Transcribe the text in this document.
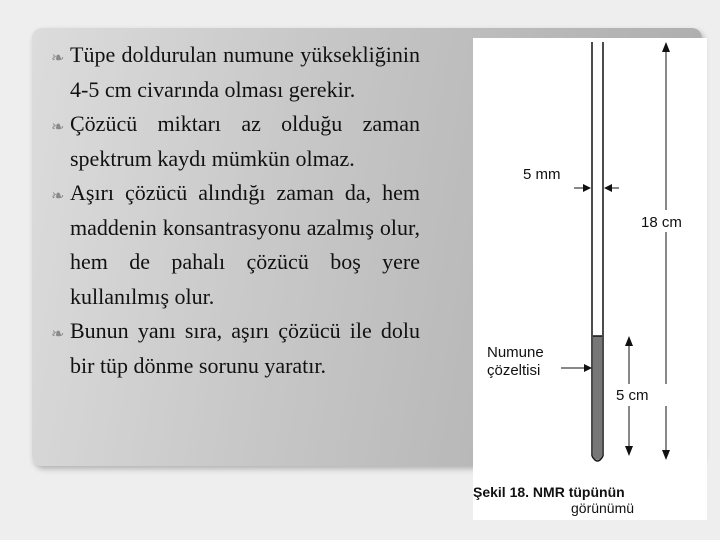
❧ Tüpe doldurulan numune yüksekliğinin 4-5 cm civarında olması gerekir.

❧ Çözücü miktarı az olduğu zaman spektrum kaydı mümkün olmaz.

❧ Aşırı çözücü alındığı zaman da, hem maddenin konsantrasyonu azalmış olur, hem de pahalı çözücü boş yere kullanılmış olur.

❧ Bunun yanı sıra, aşırı çözücü ile dolu bir tüp dönme sorunu yaratır.

5 mm
18 cm
Numune
çözeltisi
5 cm
Şekil 18. NMR tüpünün
görünümü
